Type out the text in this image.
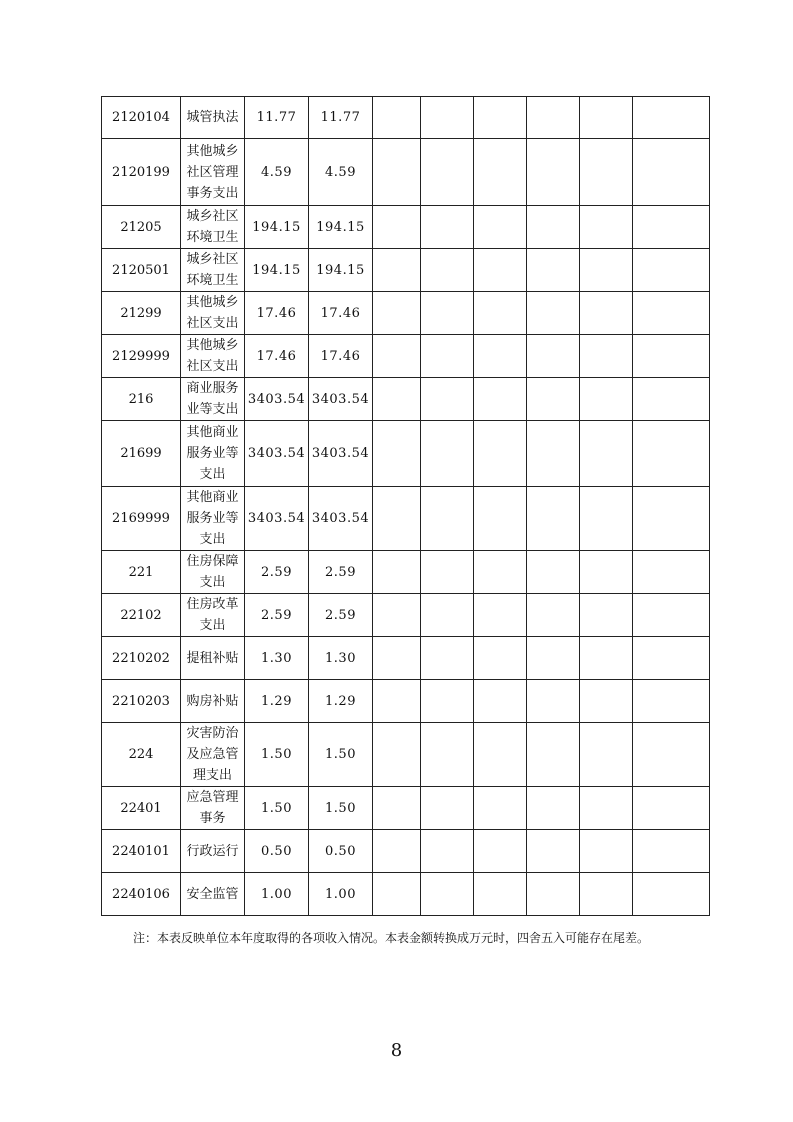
2120104	城管执法	11.77	11.77						
2120199	其他城乡社区管理事务支出	4.59	4.59						
21205	城乡社区环境卫生	194.15	194.15						
2120501	城乡社区环境卫生	194.15	194.15						
21299	其他城乡社区支出	17.46	17.46						
2129999	其他城乡社区支出	17.46	17.46						
216	商业服务业等支出	3403.54	3403.54						
21699	其他商业服务业等支出	3403.54	3403.54						
2169999	其他商业服务业等支出	3403.54	3403.54						
221	住房保障支出	2.59	2.59						
22102	住房改革支出	2.59	2.59						
2210202	提租补贴	1.30	1.30						
2210203	购房补贴	1.29	1.29						
224	灾害防治及应急管理支出	1.50	1.50						
22401	应急管理事务	1.50	1.50						
2240101	行政运行	0.50	0.50						
2240106	安全监管	1.00	1.00						
注：本表反映单位本年度取得的各项收入情况。本表金额转换成万元时，四舍五入可能存在尾差。
8
